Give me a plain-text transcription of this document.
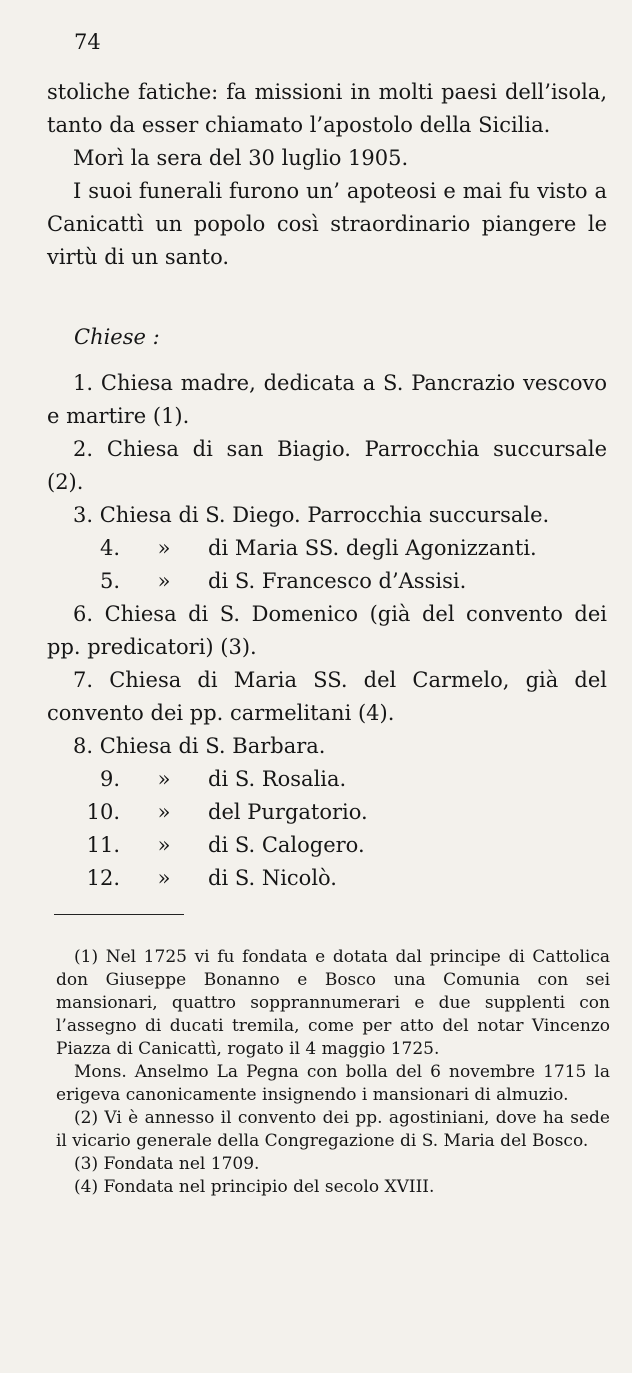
74

stoliche fatiche: fa missioni in molti paesi dell’isola, tanto da esser chiamato l’apostolo della Sicilia.

Morì la sera del 30 luglio 1905.

I suoi funerali furono un’ apoteosi e mai fu visto a Canicattì un popolo così straordinario piangere le virtù di un santo.

Chiese :

1. Chiesa madre, dedicata a S. Pancrazio vescovo e martire (1).

2. Chiesa di san Biagio. Parrocchia succursale (2).

3. Chiesa di S. Diego. Parrocchia succursale.

4.	»	di Maria SS. degli Agonizzanti.
5.	»	di S. Francesco d’Assisi.

6. Chiesa di S. Domenico (già del convento dei pp. predicatori) (3).

7. Chiesa di Maria SS. del Carmelo, già del convento dei pp. carmelitani (4).

8. Chiesa di S. Barbara.

9.	»	di S. Rosalia.
10.	»	del Purgatorio.
11.	»	di S. Calogero.
12.	»	di S. Nicolò.

(1) Nel 1725 vi fu fondata e dotata dal principe di Cattolica don Giuseppe Bonanno e Bosco una Comunia con sei mansionari, quattro sopprannumerari e due supplenti con l’assegno di ducati tremila, come per atto del notar Vincenzo Piazza di Canicattì, rogato il 4 maggio 1725.

Mons. Anselmo La Pegna con bolla del 6 novembre 1715 la erigeva canonicamente insignendo i mansionari di almuzio.

(2) Vi è annesso il convento dei pp. agostiniani, dove ha sede il vicario generale della Congregazione di S. Maria del Bosco.

(3) Fondata nel 1709.

(4) Fondata nel principio del secolo XVIII.
